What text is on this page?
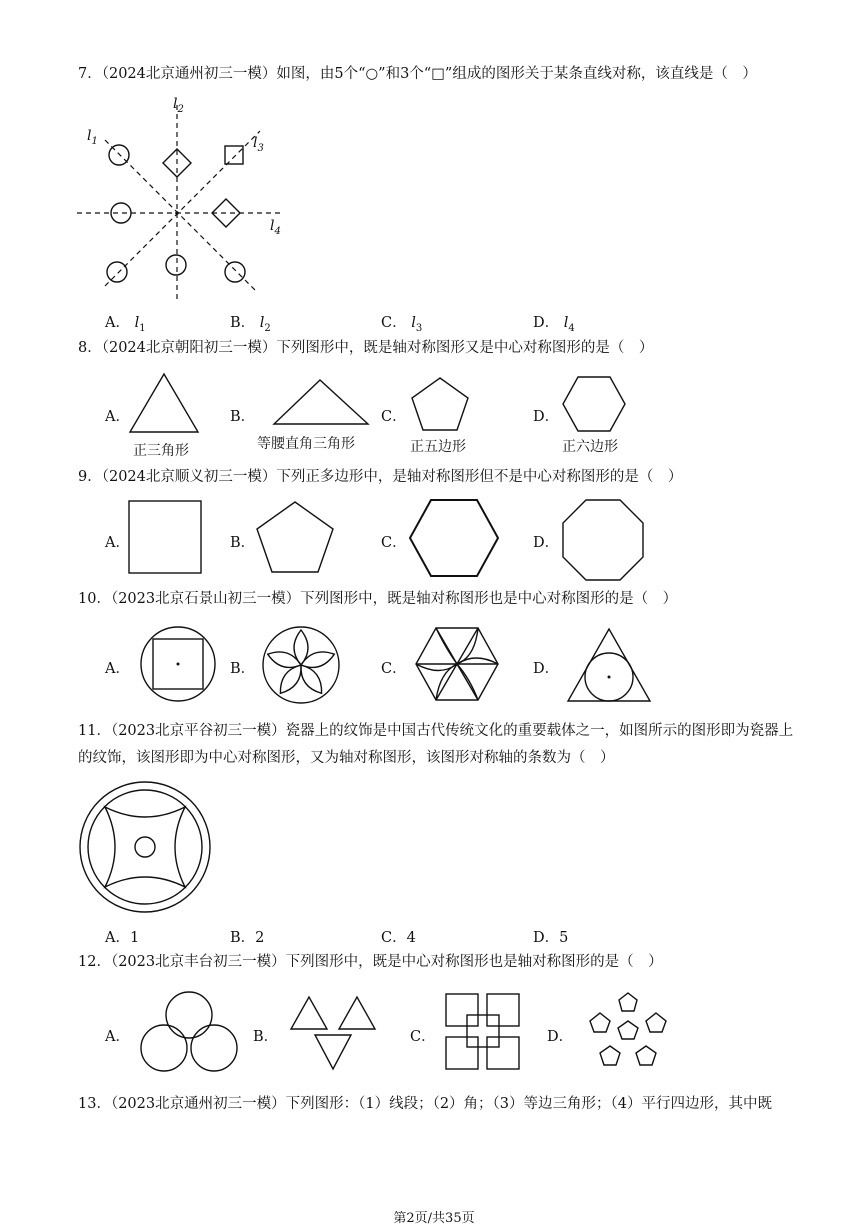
7．（2024北京通州初三一模）如图，由5个“○”和3个“□”组成的图形关于某条直线对称，该直线是（　）
$l_1$
$l_2$
$l_3$
$l_4$
A． $l_1$	B． $l_2$	C． $l_3$	D． $l_4$
8．（2024北京朝阳初三一模）下列图形中，既是轴对称图形又是中心对称图形的是（　）
A．
正三角形
B．
等腰直角三角形
C．
正五边形
D．
正六边形
9．（2024北京顺义初三一模）下列正多边形中，是轴对称图形但不是中心对称图形的是（　）
A．	B．	C．	D．
10．（2023北京石景山初三一模）下列图形中，既是轴对称图形也是中心对称图形的是（　）
A．	B．	C．	D．
11．（2023北京平谷初三一模）瓷器上的纹饰是中国古代传统文化的重要载体之一，如图所示的图形即为瓷器上的纹饰，该图形即为中心对称图形，又为轴对称图形，该图形对称轴的条数为（　）
A．1	B．2	C．4	D．5
12．（2023北京丰台初三一模）下列图形中，既是中心对称图形也是轴对称图形的是（　）
A．	B．	C．	D．
13．（2023北京通州初三一模）下列图形：（1）线段；（2）角；（3）等边三角形；（4）平行四边形，其中既
第2页/共35页
